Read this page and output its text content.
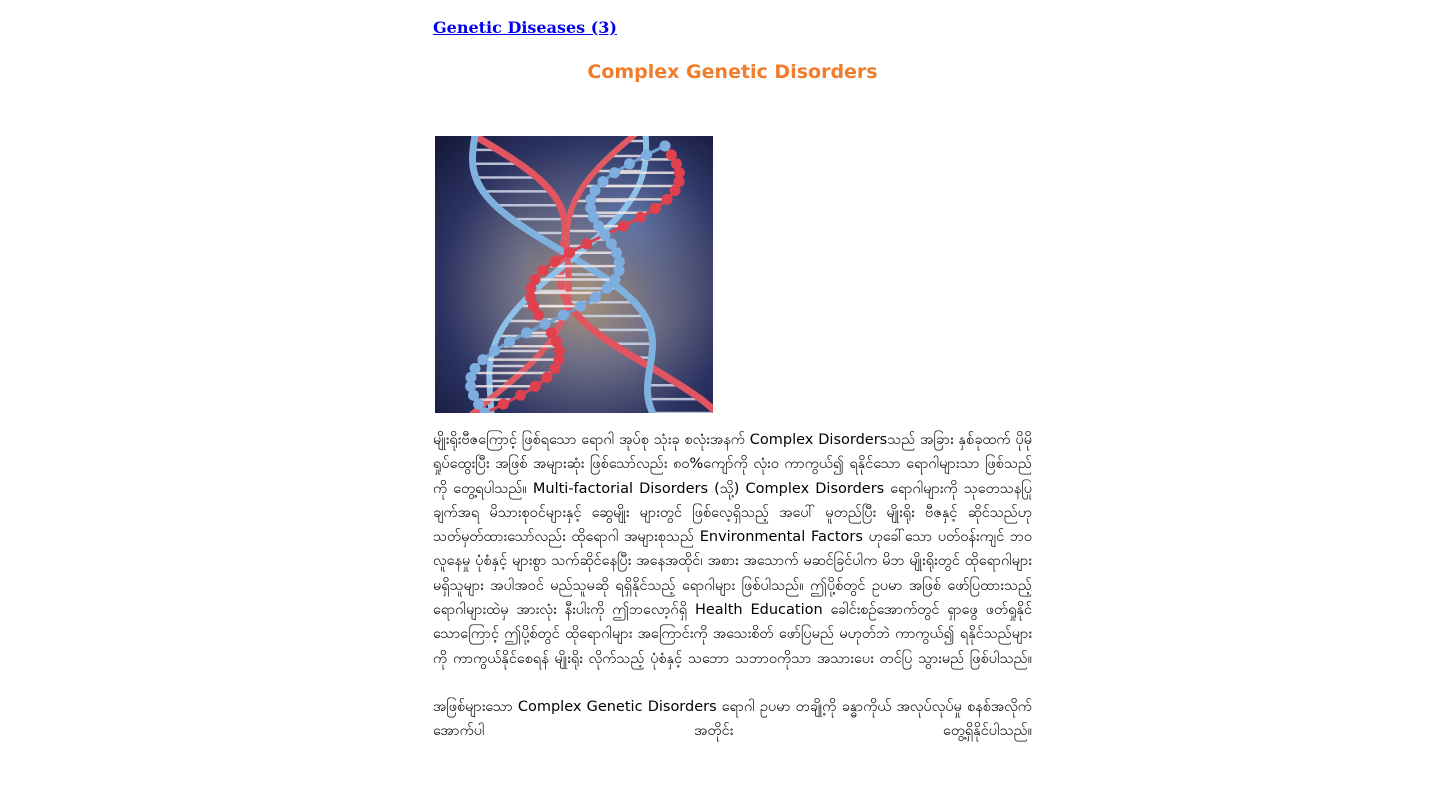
Genetic Diseases (3)
Complex Genetic Disorders

မျိုးရိုးဗီဇကြောင့် ဖြစ်ရသော ရောဂါ အုပ်စု သုံးခု စလုံးအနက် Complex Disordersသည် အခြား နှစ်ခုထက် ပိုမို ရှုပ်ထွေးပြီး အဖြစ် အများဆုံး ဖြစ်သော်လည်း ၈၀%ကျော်ကို လုံး၀ ကာကွယ်၍ ရနိုင်သော ရောဂါများသာ ဖြစ်သည်ကို တွေ့ရပါသည်။ Multi-factorial Disorders (သို့) Complex Disorders ရောဂါများကို သုတေသနပြုချက်အရ မိသားစုဝင်များနှင့် ဆွေမျိုး များတွင် ဖြစ်လေ့ရှိသည့် အပေါ် မူတည်ပြီး မျိုးရိုး ဗီဇနှင့် ဆိုင်သည်ဟု သတ်မှတ်ထားသော်လည်း ထိုရောဂါ အများစုသည် Environmental Factors ဟုခေါ်သော ပတ်ဝန်းကျင် ဘဝ လူနေမှု ပုံစံနှင့် များစွာ သက်ဆိုင်နေပြီး အနေအထိုင်၊ အစား အသောက် မဆင်ခြင်ပါက မိဘ မျိုးရိုးတွင် ထိုရောဂါများ မရှိသူများ အပါအဝင် မည်သူမဆို ရရှိနိုင်သည့် ရောဂါများ ဖြစ်ပါသည်။ ဤပို့စ်တွင် ဥပမာ အဖြစ် ဖော်ပြထားသည့် ရောဂါများထဲမှ အားလုံး နီးပါးကို ဤဘလော့ဂ်ရှိ Health Education ခေါင်းစဉ်အောက်တွင် ရှာဖွေ ဖတ်ရှုနိုင်သောကြောင့် ဤပို့စ်တွင် ထိုရောဂါများ အကြောင်းကို အသေးစိတ် ဖော်ပြမည် မဟုတ်ဘဲ ကာကွယ်၍ ရနိုင်သည်များကို ကာကွယ်နိုင်စေရန် မျိုးရိုး လိုက်သည့် ပုံစံနှင့် သဘော သဘာဝကိုသာ အသားပေး တင်ပြ သွားမည် ဖြစ်ပါသည်။

အဖြစ်များသော Complex Genetic Disorders ရောဂါ ဥပမာ တချို့ကို ခန္ဓာကိုယ် အလုပ်လုပ်မှု စနစ်အလိုက် အောက်ပါ အတိုင်း တွေ့ရှိနိုင်ပါသည်။
